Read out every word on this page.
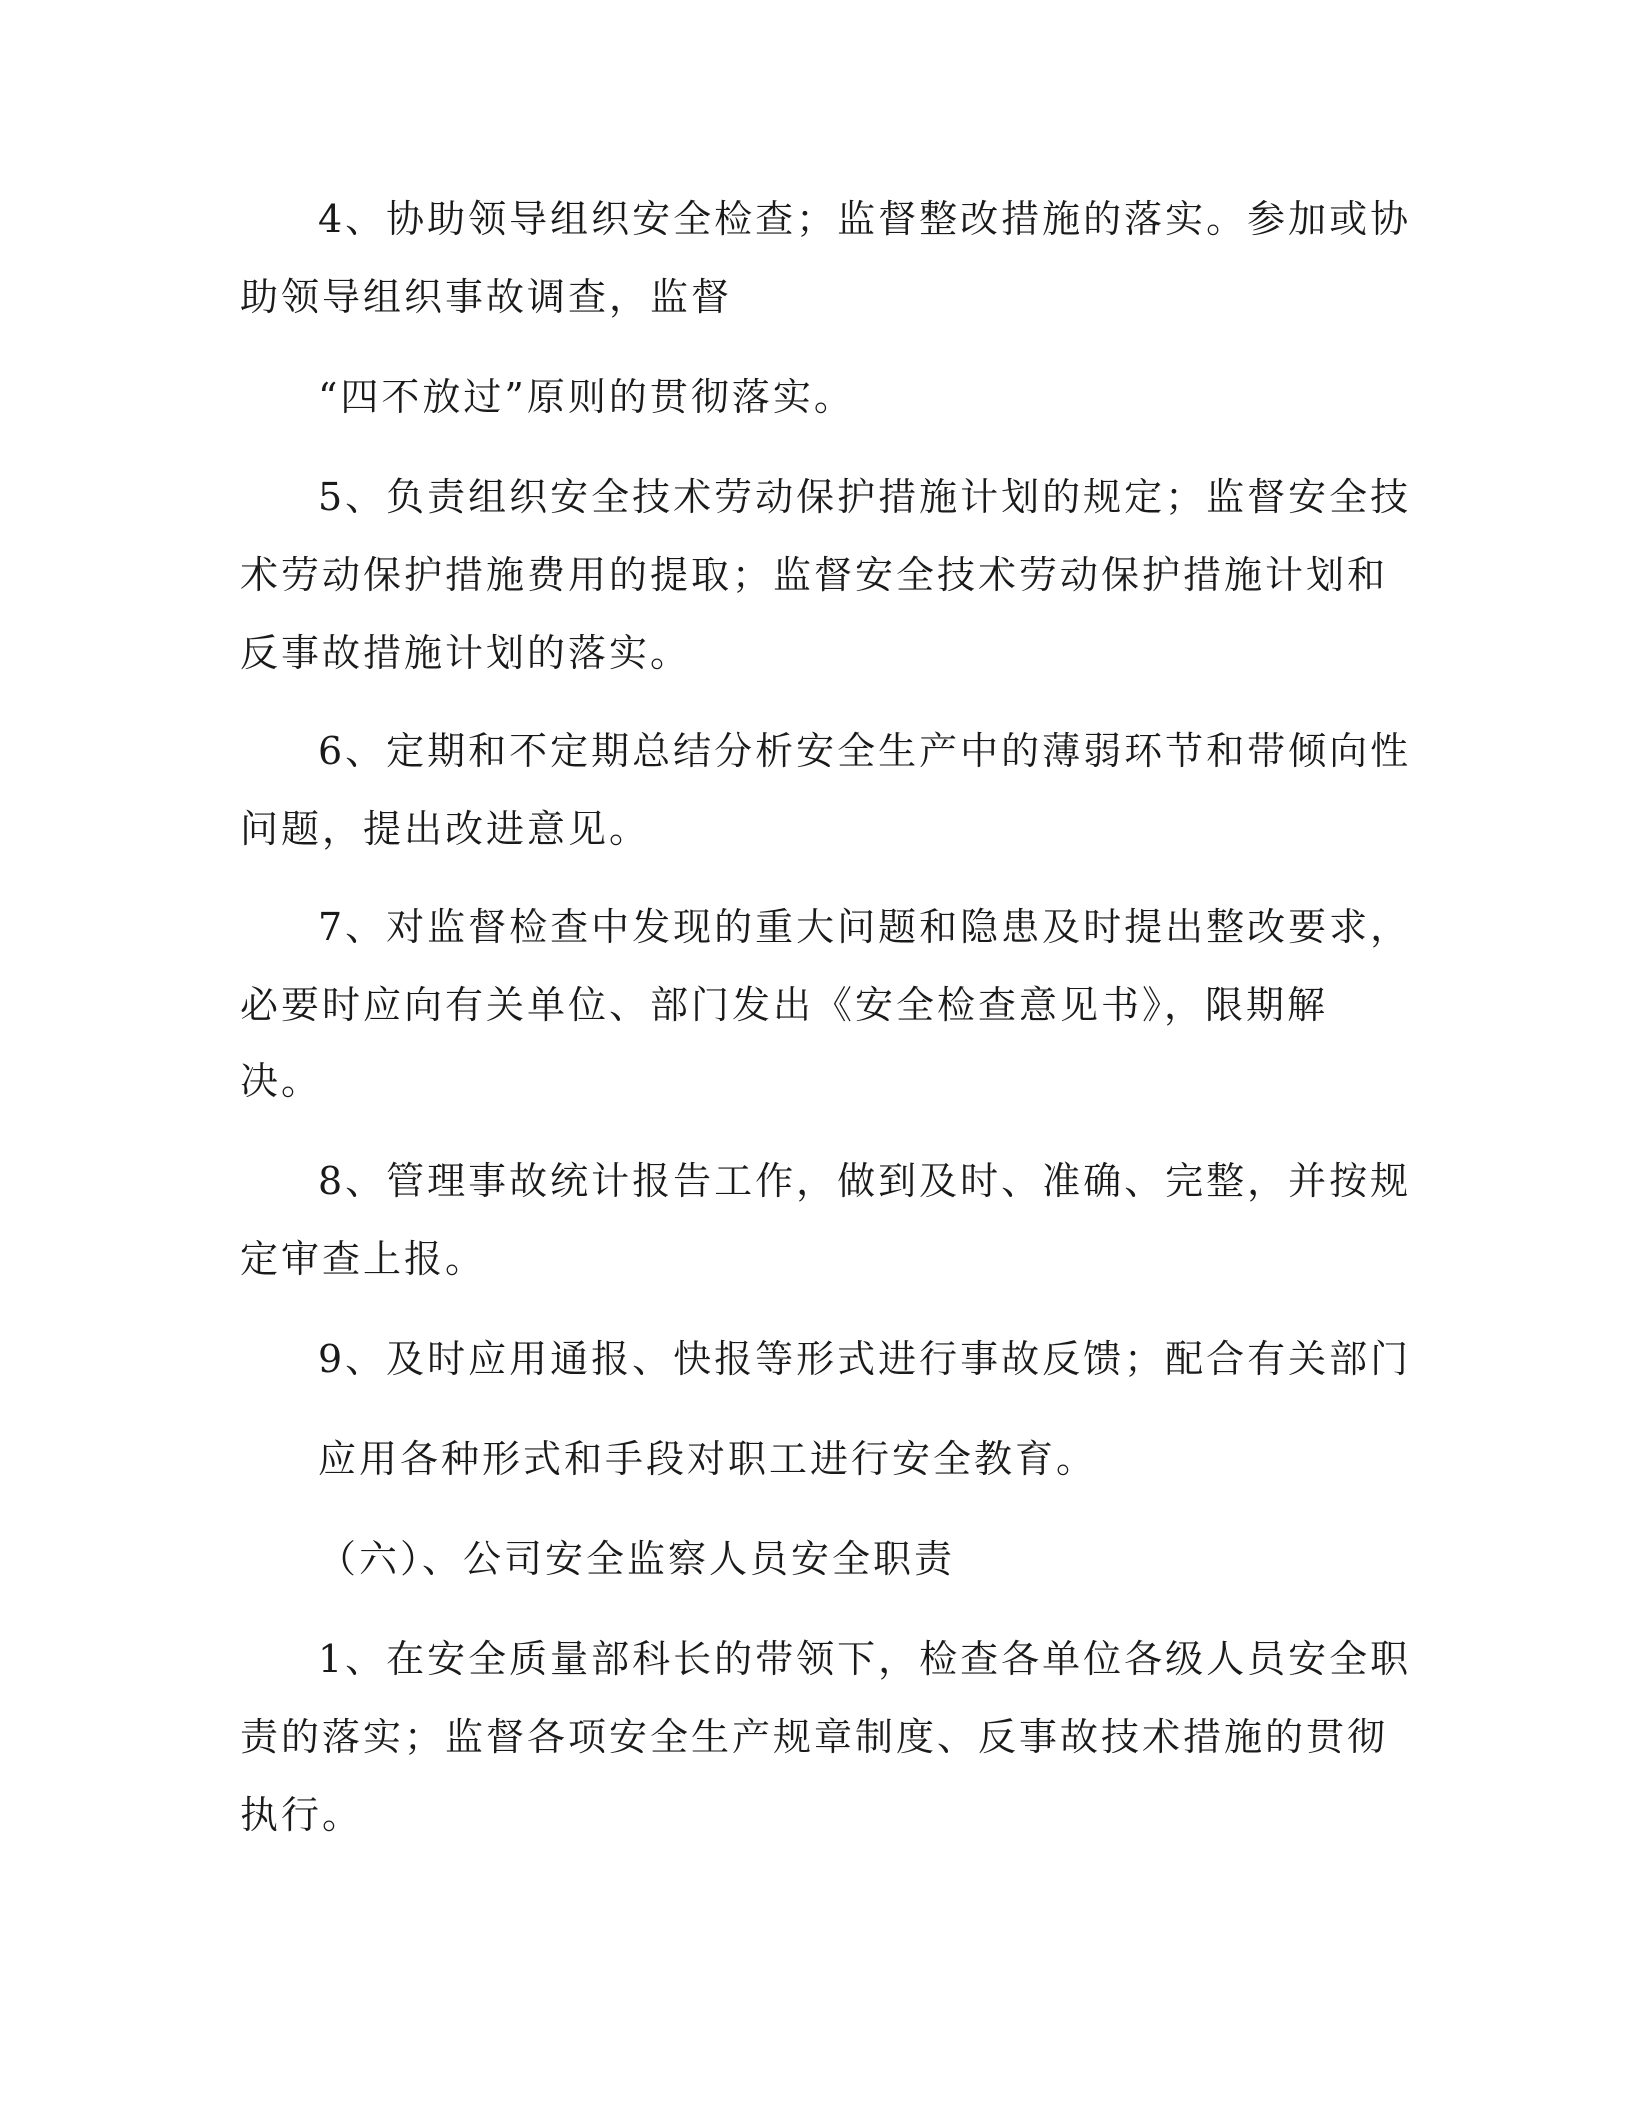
4、协助领导组织安全检查；监督整改措施的落实。参加或协
助领导组织事故调查，监督
“四不放过”原则的贯彻落实。
5、负责组织安全技术劳动保护措施计划的规定；监督安全技
术劳动保护措施费用的提取；监督安全技术劳动保护措施计划和
反事故措施计划的落实。
6、定期和不定期总结分析安全生产中的薄弱环节和带倾向性
问题，提出改进意见。
7、对监督检查中发现的重大问题和隐患及时提出整改要求，
必要时应向有关单位、部门发出《安全检查意见书》，限期解
决。
8、管理事故统计报告工作，做到及时、准确、完整，并按规
定审查上报。
9、及时应用通报、快报等形式进行事故反馈；配合有关部门
应用各种形式和手段对职工进行安全教育。
（六）、公司安全监察人员安全职责
1、在安全质量部科长的带领下，检查各单位各级人员安全职
责的落实；监督各项安全生产规章制度、反事故技术措施的贯彻
执行。
